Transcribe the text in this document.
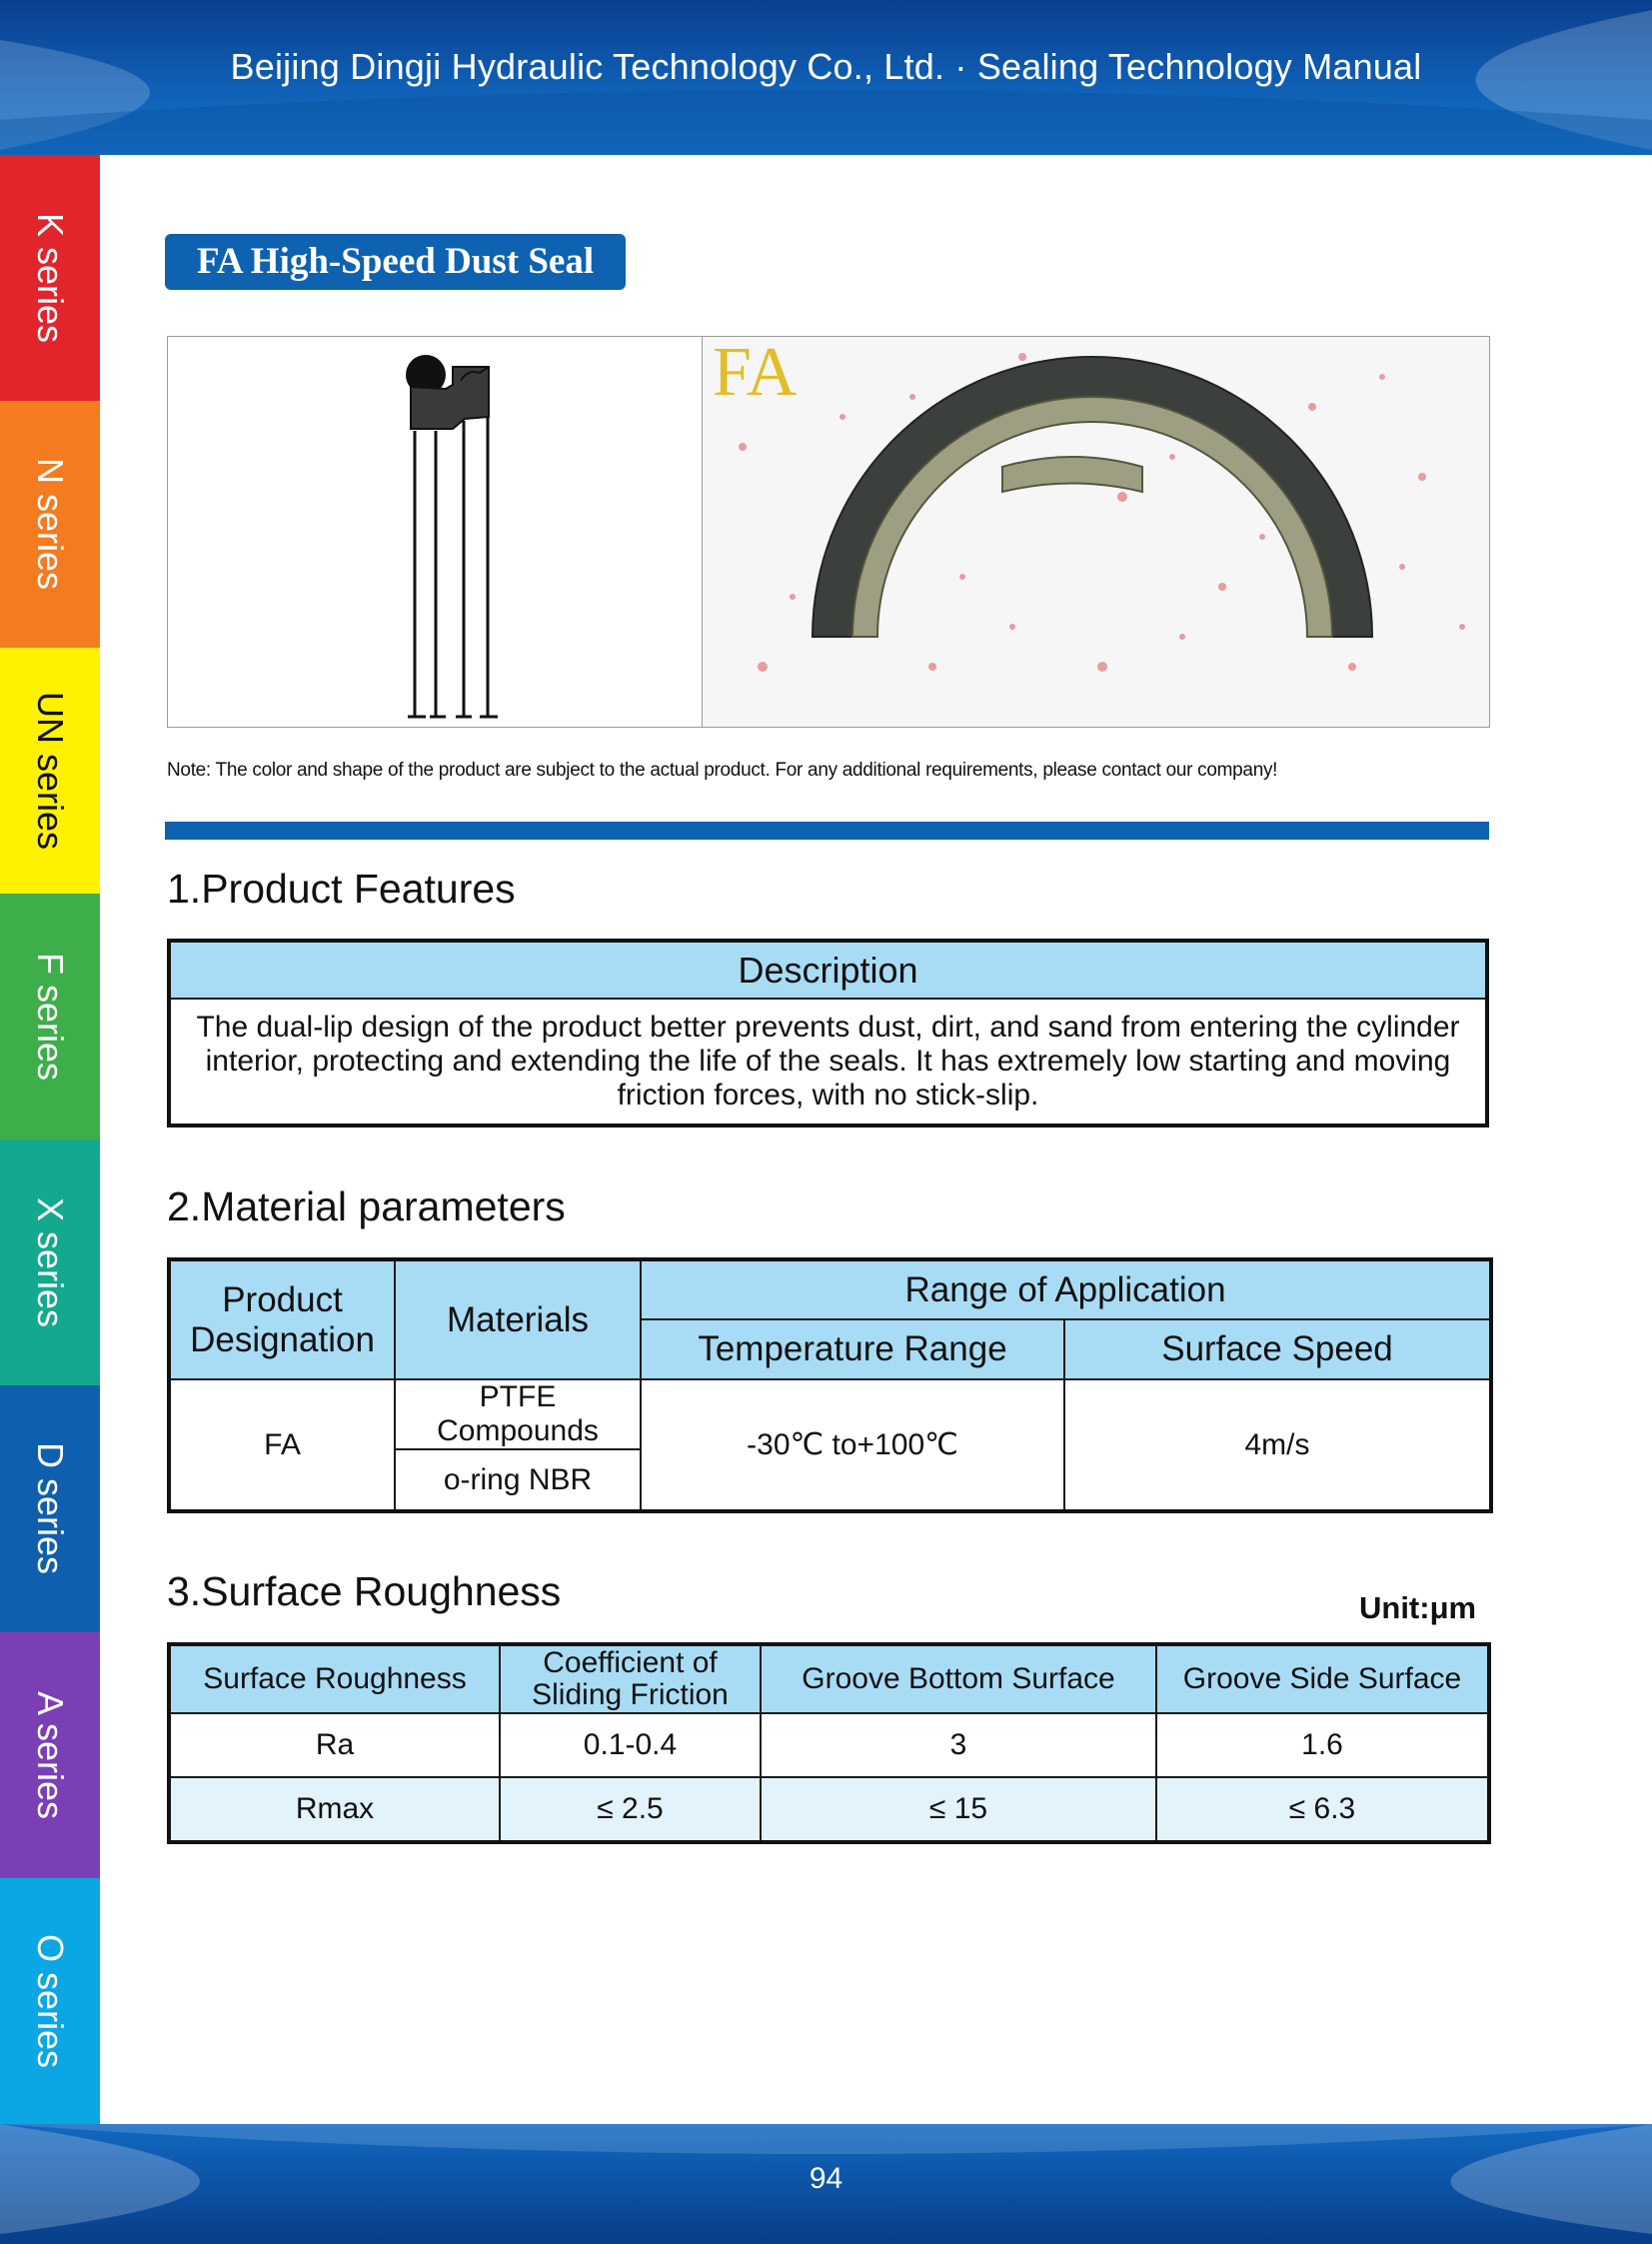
Beijing Dingji Hydraulic Technology Co., Ltd. · Sealing Technology Manual
K series
N series
UN series
F series
X series
D series
A series
O series
FA High-Speed Dust Seal
FA
Note: The color and shape of the product are subject to the actual product. For any additional requirements, please contact our company!
1.Product Features
Description
The dual-lip design of the product better prevents dust, dirt, and sand from entering the cylinder interior, protecting and extending the life of the seals. It has extremely low starting and moving friction forces, with no stick-slip.
2.Material parameters
Product Designation	Materials	Range of Application	
		Temperature Range	Surface Speed
FA	PTFE Compounds	-30℃ to+100℃	4m/s
	o-ring NBR		
3.Surface Roughness	Unit:μm
Surface Roughness	Coefficient of Sliding Friction	Groove Bottom Surface	Groove Side Surface
Ra	0.1-0.4	3	1.6
Rmax	≤ 2.5	≤ 15	≤ 6.3
94
